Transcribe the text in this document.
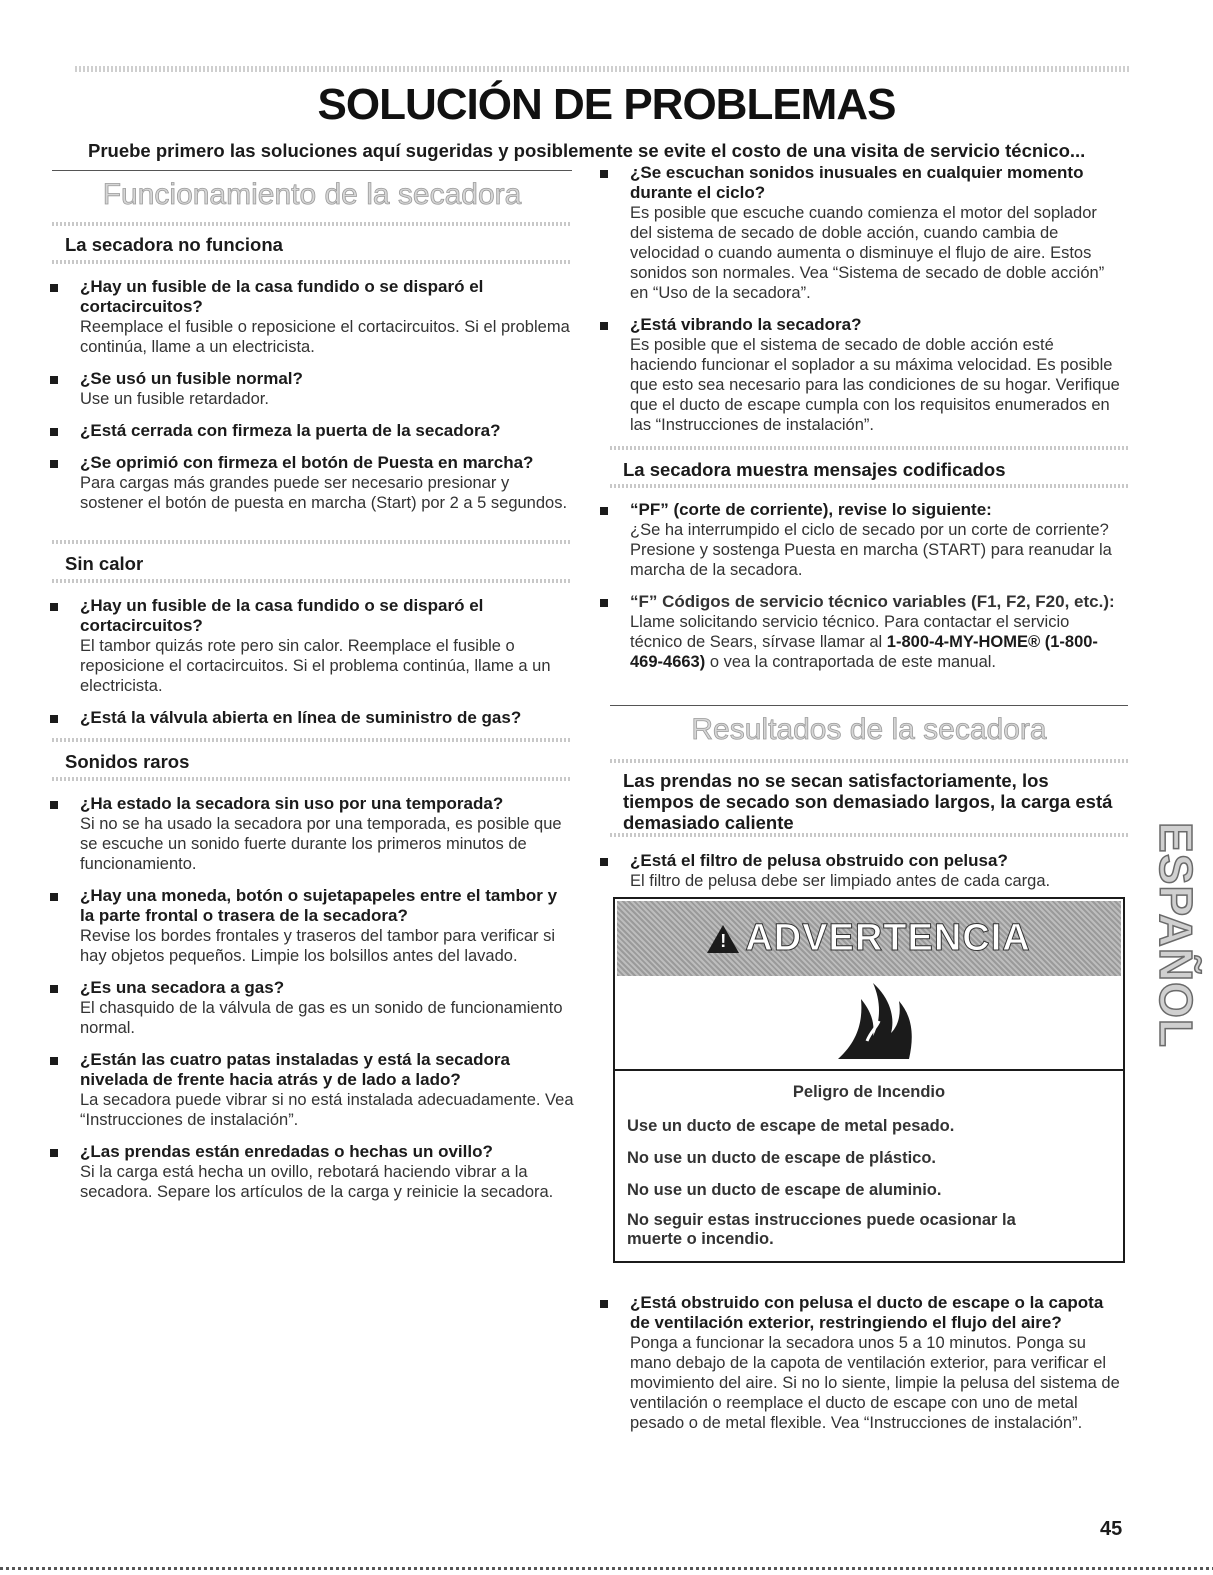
SOLUCIÓN DE PROBLEMAS
Pruebe primero las soluciones aquí sugeridas y posiblemente se evite el costo de una visita de servicio técnico...
Funcionamiento de la secadora
La secadora no funciona
¿Hay un fusible de la casa fundido o se disparó el cortacircuitos?
Reemplace el fusible o reposicione el cortacircuitos. Si el problema continúa, llame a un electricista.
¿Se usó un fusible normal?
Use un fusible retardador.
¿Está cerrada con firmeza la puerta de la secadora?
¿Se oprimió con firmeza el botón de Puesta en marcha?
Para cargas más grandes puede ser necesario presionar y sostener el botón de puesta en marcha (Start) por 2 a 5 segundos.
Sin calor
¿Hay un fusible de la casa fundido o se disparó el cortacircuitos?
El tambor quizás rote pero sin calor. Reemplace el fusible o reposicione el cortacircuitos. Si el problema continúa, llame a un electricista.
¿Está la válvula abierta en línea de suministro de gas?
Sonidos raros
¿Ha estado la secadora sin uso por una temporada?
Si no se ha usado la secadora por una temporada, es posible que se escuche un sonido fuerte durante los primeros minutos de funcionamiento.
¿Hay una moneda, botón o sujetapapeles entre el tambor y la parte frontal o trasera de la secadora?
Revise los bordes frontales y traseros del tambor para verificar si hay objetos pequeños. Limpie los bolsillos antes del lavado.
¿Es una secadora a gas?
El chasquido de la válvula de gas es un sonido de funcionamiento normal.
¿Están las cuatro patas instaladas y está la secadora nivelada de frente hacia atrás y de lado a lado?
La secadora puede vibrar si no está instalada adecuadamente. Vea “Instrucciones de instalación”.
¿Las prendas están enredadas o hechas un ovillo?
Si la carga está hecha un ovillo, rebotará haciendo vibrar a la secadora. Separe los artículos de la carga y reinicie la secadora.
¿Se escuchan sonidos inusuales en cualquier momento durante el ciclo?
Es posible que escuche cuando comienza el motor del soplador del sistema de secado de doble acción, cuando cambia de velocidad o cuando aumenta o disminuye el flujo de aire. Estos sonidos son normales. Vea “Sistema de secado de doble acción” en “Uso de la secadora”.
¿Está vibrando la secadora?
Es posible que el sistema de secado de doble acción esté haciendo funcionar el soplador a su máxima velocidad. Es posible que esto sea necesario para las condiciones de su hogar. Verifique que el ducto de escape cumpla con los requisitos enumerados en las “Instrucciones de instalación”.
La secadora muestra mensajes codificados
“PF” (corte de corriente), revise lo siguiente:
¿Se ha interrumpido el ciclo de secado por un corte de corriente? Presione y sostenga Puesta en marcha (START) para reanudar la marcha de la secadora.
“F” Códigos de servicio técnico variables (F1, F2, F20, etc.): Llame solicitando servicio técnico. Para contactar el servicio técnico de Sears, sírvase llamar al 1-800-4-MY-HOME® (1-800-469-4663) o vea la contraportada de este manual.
Resultados de la secadora
Las prendas no se secan satisfactoriamente, los tiempos de secado son demasiado largos, la carga está demasiado caliente
¿Está el filtro de pelusa obstruido con pelusa?
El filtro de pelusa debe ser limpiado antes de cada carga.
!
ADVERTENCIA
Peligro de Incendio
Use un ducto de escape de metal pesado.
No use un ducto de escape de plástico.
No use un ducto de escape de aluminio.
No seguir estas instrucciones puede ocasionar la muerte o incendio.
¿Está obstruido con pelusa el ducto de escape o la capota de ventilación exterior, restringiendo el flujo del aire?
Ponga a funcionar la secadora unos 5 a 10 minutos. Ponga su mano debajo de la capota de ventilación exterior, para verificar el movimiento del aire. Si no lo siente, limpie la pelusa del sistema de ventilación o reemplace el ducto de escape con uno de metal pesado o de metal flexible. Vea “Instrucciones de instalación”.
ESPAÑOL
45
